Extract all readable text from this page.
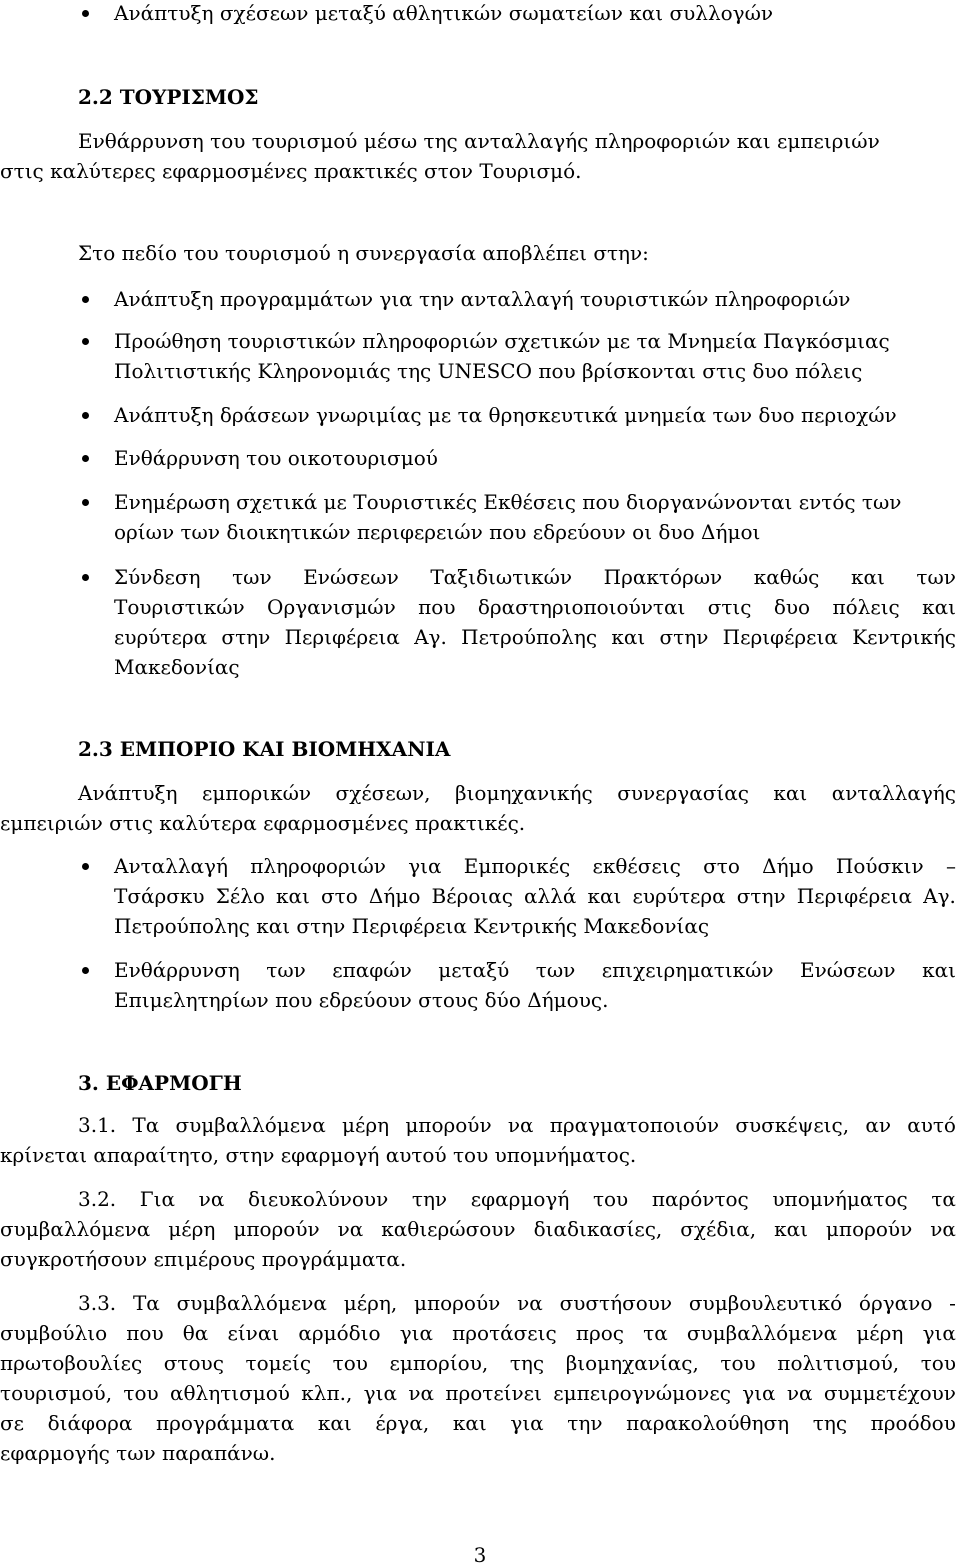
Ανάπτυξη σχέσεων μεταξύ αθλητικών σωματείων και συλλογών
2.2 ΤΟΥΡΙΣΜΟΣ
Ενθάρρυνση του τουρισμού μέσω της ανταλλαγής πληροφοριών και εμπειριών
στις καλύτερες εφαρμοσμένες πρακτικές στον Τουρισμό.
Στο πεδίο του τουρισμού η συνεργασία αποβλέπει στην:
Ανάπτυξη προγραμμάτων για την ανταλλαγή τουριστικών πληροφοριών
Προώθηση τουριστικών πληροφοριών σχετικών με τα Μνημεία Παγκόσμιας
Πολιτιστικής Κληρονομιάς της UNESCO που βρίσκονται στις δυο πόλεις
Ανάπτυξη δράσεων γνωριμίας με τα θρησκευτικά μνημεία των δυο περιοχών
Ενθάρρυνση του οικοτουρισμού
Ενημέρωση σχετικά με Τουριστικές Εκθέσεις που διοργανώνονται εντός των
ορίων των διοικητικών περιφερειών που εδρεύουν οι δυο Δήμοι
Σύνδεση των Ενώσεων Ταξιδιωτικών Πρακτόρων καθώς και των
Τουριστικών Οργανισμών που δραστηριοποιούνται στις δυο πόλεις και
ευρύτερα στην Περιφέρεια Αγ. Πετρούπολης και στην Περιφέρεια Κεντρικής
Μακεδονίας
2.3 ΕΜΠΟΡΙΟ ΚΑΙ ΒΙΟΜΗΧΑΝΙΑ
Ανάπτυξη εμπορικών σχέσεων, βιομηχανικής συνεργασίας και ανταλλαγής
εμπειριών στις καλύτερα εφαρμοσμένες πρακτικές.
Ανταλλαγή πληροφοριών για Εμπορικές εκθέσεις στο Δήμο Πούσκιν –
Τσάρσκυ Σέλο και στο Δήμο Βέροιας αλλά και ευρύτερα στην Περιφέρεια Αγ.
Πετρούπολης και στην Περιφέρεια Κεντρικής Μακεδονίας
Ενθάρρυνση των επαφών μεταξύ των επιχειρηματικών Ενώσεων και
Επιμελητηρίων που εδρεύουν στους δύο Δήμους.
3. ΕΦΑΡΜΟΓΗ
3.1. Τα συμβαλλόμενα μέρη μπορούν να πραγματοποιούν συσκέψεις, αν αυτό
κρίνεται απαραίτητο, στην εφαρμογή αυτού του υπομνήματος.
3.2. Για να διευκολύνουν την εφαρμογή του παρόντος υπομνήματος τα
συμβαλλόμενα μέρη μπορούν να καθιερώσουν διαδικασίες, σχέδια, και μπορούν να
συγκροτήσουν επιμέρους προγράμματα.
3.3. Τα συμβαλλόμενα μέρη, μπορούν να συστήσουν συμβουλευτικό όργανο -
συμβούλιο που θα είναι αρμόδιο για προτάσεις προς τα συμβαλλόμενα μέρη για
πρωτοβουλίες στους τομείς του εμπορίου, της βιομηχανίας, του πολιτισμού, του
τουρισμού, του αθλητισμού κλπ., για να προτείνει εμπειρογνώμονες για να συμμετέχουν
σε διάφορα προγράμματα και έργα, και για την παρακολούθηση της προόδου
εφαρμογής των παραπάνω.
3
